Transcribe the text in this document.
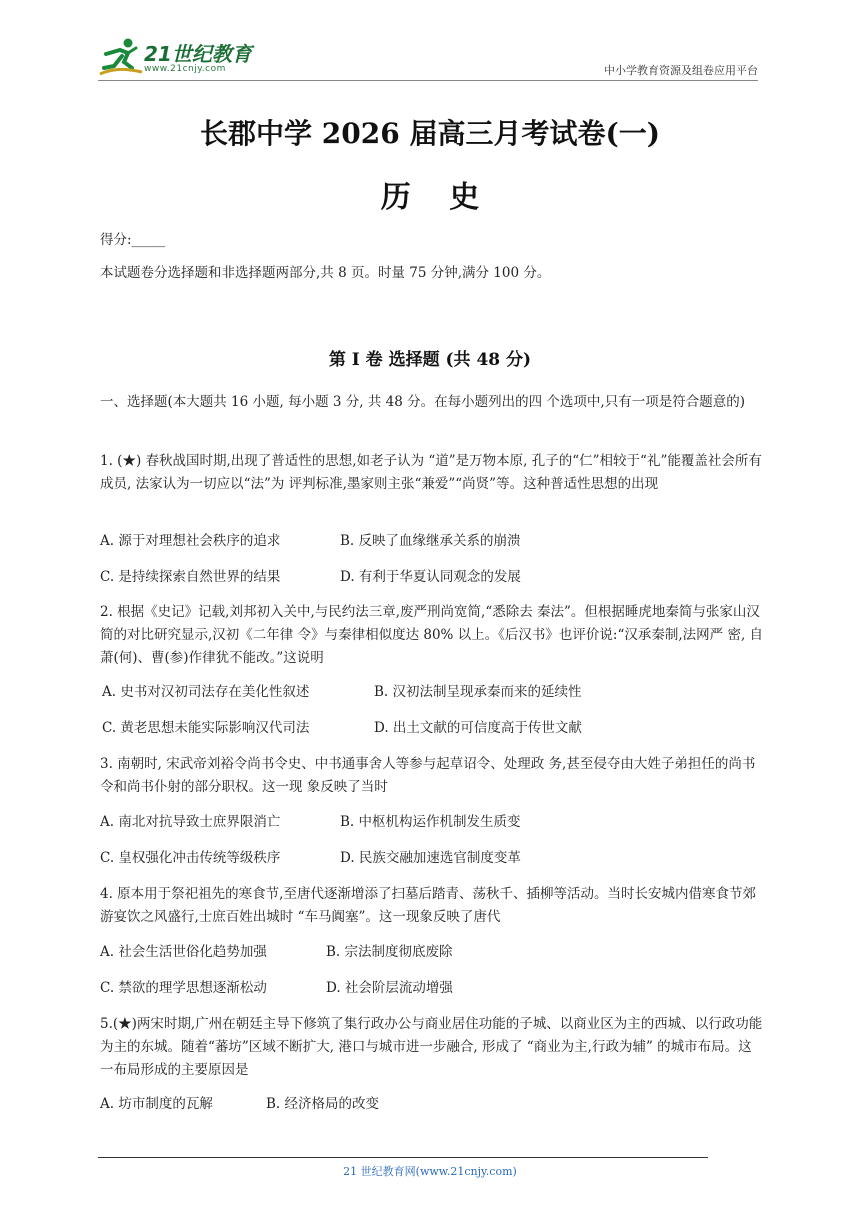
21世纪教育
www.21cnjy.com	中小学教育资源及组卷应用平台
长郡中学 2026 届高三月考试卷(一)
历 史
得分:_____
本试题卷分选择题和非选择题两部分,共 8 页。时量 75 分钟,满分 100 分。
第 I 卷 选择题 (共 48 分)
一、选择题(本大题共 16 小题, 每小题 3 分, 共 48 分。在每小题列出的四 个选项中,只有一项是符合题意的)
1. (★) 春秋战国时期,出现了普适性的思想,如老子认为 “道”是万物本原, 孔子的“仁”相较于“礼”能覆盖社会所有成员, 法家认为一切应以“法”为 评判标准,墨家则主张“兼爱”“尚贤”等。这种普适性思想的出现
A. 源于对理想社会秩序的追求	B. 反映了血缘继承关系的崩溃
C. 是持续探索自然世界的结果	D. 有利于华夏认同观念的发展
2. 根据《史记》记载,刘邦初入关中,与民约法三章,废严刑尚宽简,“悉除去 秦法”。但根据睡虎地秦简与张家山汉简的对比研究显示,汉初《二年律 令》与秦律相似度达 80% 以上。《后汉书》也评价说:“汉承秦制,法网严 密, 自萧(何)、曹(参)作律犹不能改。”这说明
A. 史书对汉初司法存在美化性叙述	B. 汉初法制呈现承秦而来的延续性
C. 黄老思想未能实际影响汉代司法	D. 出土文献的可信度高于传世文献
3. 南朝时, 宋武帝刘裕令尚书令史、中书通事舍人等参与起草诏令、处理政 务,甚至侵夺由大姓子弟担任的尚书令和尚书仆射的部分职权。这一现 象反映了当时
A. 南北对抗导致士庶界限消亡	B. 中枢机构运作机制发生质变
C. 皇权强化冲击传统等级秩序	D. 民族交融加速选官制度变革
4. 原本用于祭祀祖先的寒食节,至唐代逐渐增添了扫墓后踏青、荡秋千、插柳等活动。当时长安城内借寒食节郊游宴饮之风盛行,士庶百姓出城时 “车马阗塞”。这一现象反映了唐代
A. 社会生活世俗化趋势加强	B. 宗法制度彻底废除
C. 禁欲的理学思想逐渐松动	D. 社会阶层流动增强
5.(★)两宋时期,广州在朝廷主导下修筑了集行政办公与商业居住功能的子城、以商业区为主的西城、以行政功能为主的东城。随着“蕃坊”区域不断扩大, 港口与城市进一步融合, 形成了 “商业为主,行政为辅” 的城市布局。这一布局形成的主要原因是
A. 坊市制度的瓦解	B. 经济格局的改变
21 世纪教育网(www.21cnjy.com)
